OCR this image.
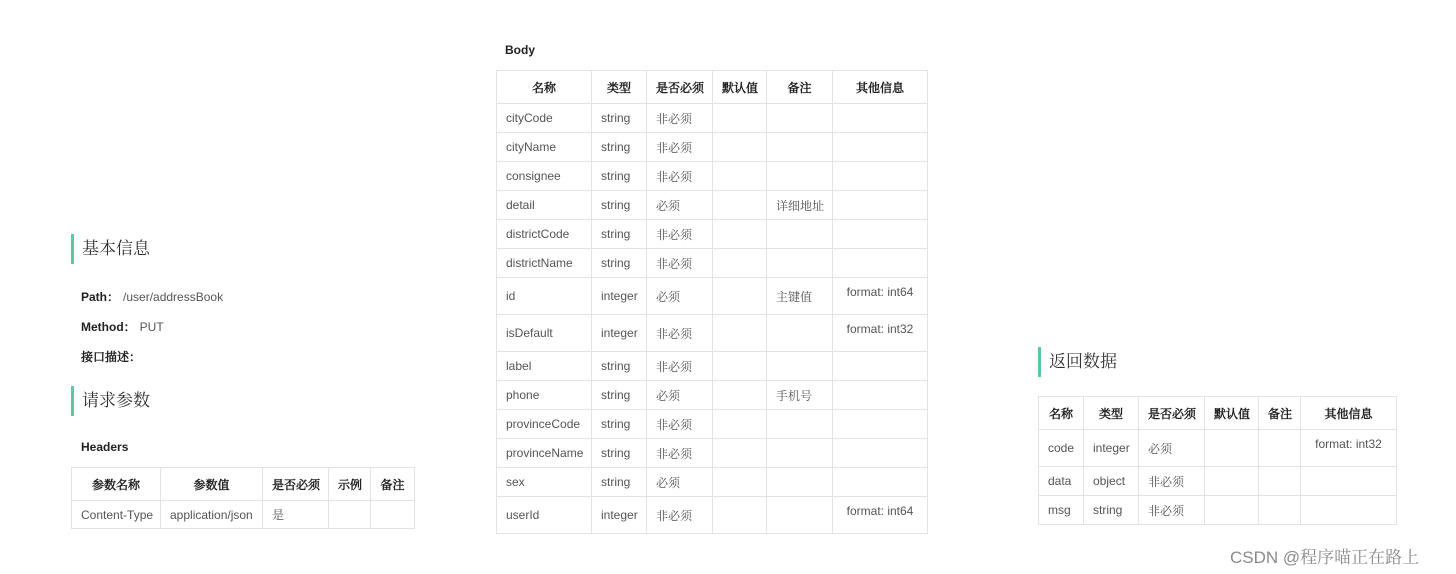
基本信息
Path： /user/addressBook
Method： PUT
接口描述：
请求参数
Headers
参数名称	参数值	是否必须	示例	备注
Content-Type	application/json	是		
Body
名称	类型	是否必须	默认值	备注	其他信息
cityCode	string	非必须			
cityName	string	非必须			
consignee	string	非必须			
detail	string	必须		详细地址	
districtCode	string	非必须			
districtName	string	非必须			
id	integer	必须		主键值	format: int64
isDefault	integer	非必须			format: int32
label	string	非必须			
phone	string	必须		手机号	
provinceCode	string	非必须			
provinceName	string	非必须			
sex	string	必须			
userId	integer	非必须			format: int64
返回数据
名称	类型	是否必须	默认值	备注	其他信息
code	integer	必须			format: int32
data	object	非必须			
msg	string	非必须			
CSDN @程序喵正在路上
